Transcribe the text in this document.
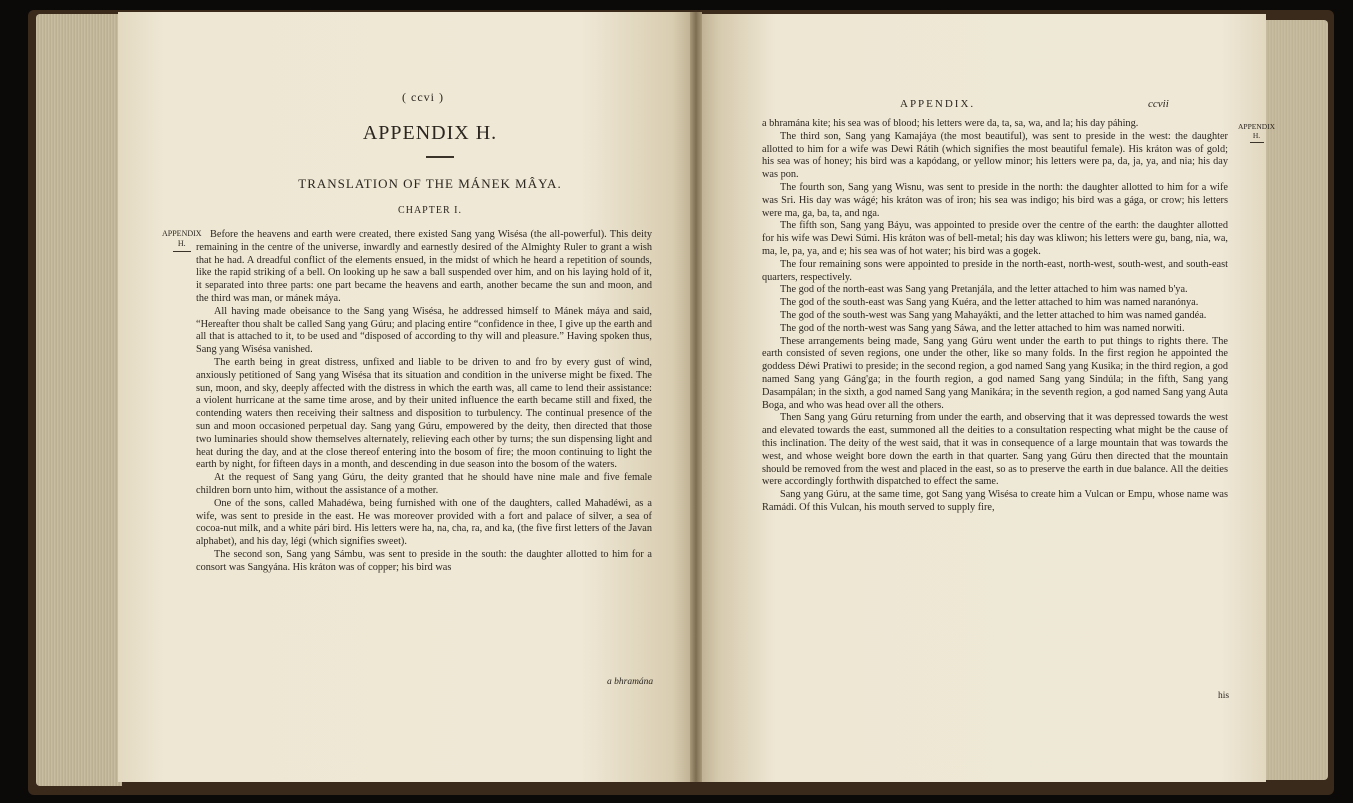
( ccvi )
APPENDIX H.
TRANSLATION OF THE MÁNEK MÂYA.
CHAPTER I.
APPENDIX
H.

Before the heavens and earth were created, there existed Sang yang Wisésa (the all-powerful). This deity remaining in the centre of the universe, inwardly and earnestly desired of the Almighty Ruler to grant a wish that he had. A dreadful conflict of the elements ensued, in the midst of which he heard a repetition of sounds, like the rapid striking of a bell. On looking up he saw a ball suspended over him, and on his laying hold of it, it separated into three parts: one part became the heavens and earth, another became the sun and moon, and the third was man, or mánek máya.

All having made obeisance to the Sang yang Wisésa, he addressed himself to Mánek máya and said, “Hereafter thou shalt be called Sang yang Gúru; and placing entire “confidence in thee, I give up the earth and all that is attached to it, to be used and “disposed of according to thy will and pleasure.” Having spoken thus, Sang yang Wisésa vanished.

The earth being in great distress, unfixed and liable to be driven to and fro by every gust of wind, anxiously petitioned of Sang yang Wisésa that its situation and condition in the universe might be fixed. The sun, moon, and sky, deeply affected with the distress in which the earth was, all came to lend their assistance: a violent hurricane at the same time arose, and by their united influence the earth became still and fixed, the contending waters then receiving their saltness and disposition to turbulency. The continual presence of the sun and moon occasioned perpetual day. Sang yang Gúru, empowered by the deity, then directed that those two luminaries should show themselves alternately, relieving each other by turns; the sun dispensing light and heat during the day, and at the close thereof entering into the bosom of fire; the moon continuing to light the earth by night, for fifteen days in a month, and descending in due season into the bosom of the waters.

At the request of Sang yang Gúru, the deity granted that he should have nine male and five female children born unto him, without the assistance of a mother.

One of the sons, called Mahadéwa, being furnished with one of the daughters, called Mahadéwi, as a wife, was sent to preside in the east. He was moreover provided with a fort and palace of silver, a sea of cocoa-nut milk, and a white pári bird. His letters were ha, na, cha, ra, and ka, (the five first letters of the Javan alphabet), and his day, légi (which signifies sweet).

The second son, Sang yang Sámbu, was sent to preside in the south: the daughter allotted to him for a consort was Sangyána. His kráton was of copper; his bird was

a bhramána
APPENDIX.	ccvii
APPENDIX
H.

a bhramána kite; his sea was of blood; his letters were da, ta, sa, wa, and la; his day páhing.

The third son, Sang yang Kamajáya (the most beautiful), was sent to preside in the west: the daughter allotted to him for a wife was Dewi Rátih (which signifies the most beautiful female). His kráton was of gold; his sea was of honey; his bird was a kapódang, or yellow minor; his letters were pa, da, ja, ya, and nia; his day was pon.

The fourth son, Sang yang Wisnu, was sent to preside in the north: the daughter allotted to him for a wife was Sri. His day was wágé; his kráton was of iron; his sea was indigo; his bird was a gága, or crow; his letters were ma, ga, ba, ta, and nga.

The fifth son, Sang yang Báyu, was appointed to preside over the centre of the earth: the daughter allotted for his wife was Dewi Súmi. His kráton was of bell-metal; his day was kliwon; his letters were gu, bang, nia, wa, ma, le, pa, ya, and e; his sea was of hot water; his bird was a gogek.

The four remaining sons were appointed to preside in the north-east, north-west, south-west, and south-east quarters, respectively.

The god of the north-east was Sang yang Pretanjála, and the letter attached to him was named b'ya.

The god of the south-east was Sang yang Kuéra, and the letter attached to him was named naranónya.

The god of the south-west was Sang yang Mahayákti, and the letter attached to him was named gandéa.

The god of the north-west was Sang yang Sáwa, and the letter attached to him was named norwiti.

These arrangements being made, Sang yang Gúru went under the earth to put things to rights there. The earth consisted of seven regions, one under the other, like so many folds. In the first region he appointed the goddess Déwi Pratiwi to preside; in the second region, a god named Sang yang Kusika; in the third region, a god named Sang yang Gáng'ga; in the fourth region, a god named Sang yang Sindúla; in the fifth, Sang yang Dasampálan; in the sixth, a god named Sang yang Manikára; in the seventh region, a god named Sang yang Auta Boga, and who was head over all the others.

Then Sang yang Gúru returning from under the earth, and observing that it was depressed towards the west and elevated towards the east, summoned all the deities to a consultation respecting what might be the cause of this inclination. The deity of the west said, that it was in consequence of a large mountain that was towards the west, and whose weight bore down the earth in that quarter. Sang yang Gúru then directed that the mountain should be removed from the west and placed in the east, so as to preserve the earth in due balance. All the deities were accordingly forthwith dispatched to effect the same.

Sang yang Gúru, at the same time, got Sang yang Wisésa to create him a Vulcan or Empu, whose name was Ramádi. Of this Vulcan, his mouth served to supply fire,

his
